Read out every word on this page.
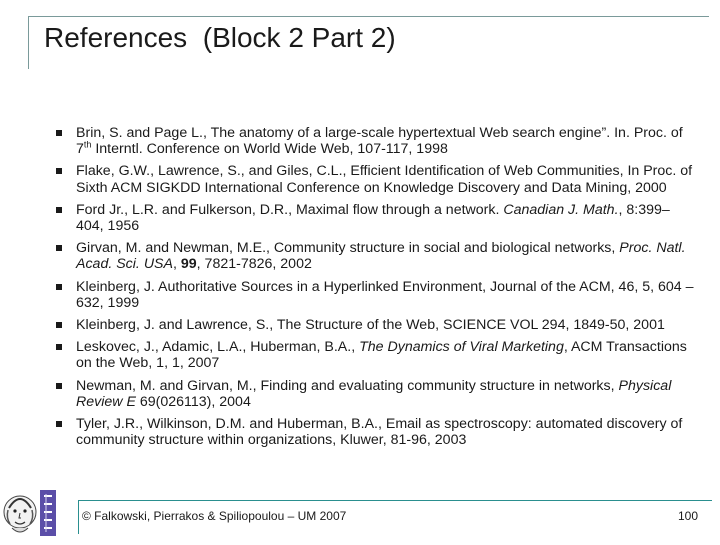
References  (Block 2 Part 2)
Brin, S. and Page L., The anatomy of a large-scale hypertextual Web search engine”. In. Proc. of 7th Interntl. Conference on World Wide Web, 107-117, 1998
Flake, G.W., Lawrence, S., and Giles, C.L., Efficient Identification of Web Communities, In Proc. of Sixth ACM SIGKDD International Conference on Knowledge Discovery and Data Mining, 2000
Ford Jr., L.R. and Fulkerson, D.R., Maximal flow through a network. Canadian J. Math., 8:399–404, 1956
Girvan, M. and Newman, M.E., Community structure in social and biological networks, Proc. Natl. Acad. Sci. USA, 99, 7821-7826, 2002
Kleinberg, J. Authoritative Sources in a Hyperlinked Environment, Journal of the ACM, 46, 5, 604 –632, 1999
Kleinberg, J. and Lawrence, S., The Structure of the Web, SCIENCE VOL 294, 1849-50, 2001
Leskovec, J., Adamic, L.A., Huberman, B.A., The Dynamics of Viral Marketing, ACM Transactions on the Web, 1, 1, 2007
Newman, M. and Girvan, M., Finding and evaluating community structure in networks, Physical Review E 69(026113), 2004
Tyler, J.R., Wilkinson, D.M. and Huberman, B.A., Email as spectroscopy: automated discovery of community structure within organizations, Kluwer, 81-96, 2003
© Falkowski, Pierrakos & Spiliopoulou – UM 2007	100
